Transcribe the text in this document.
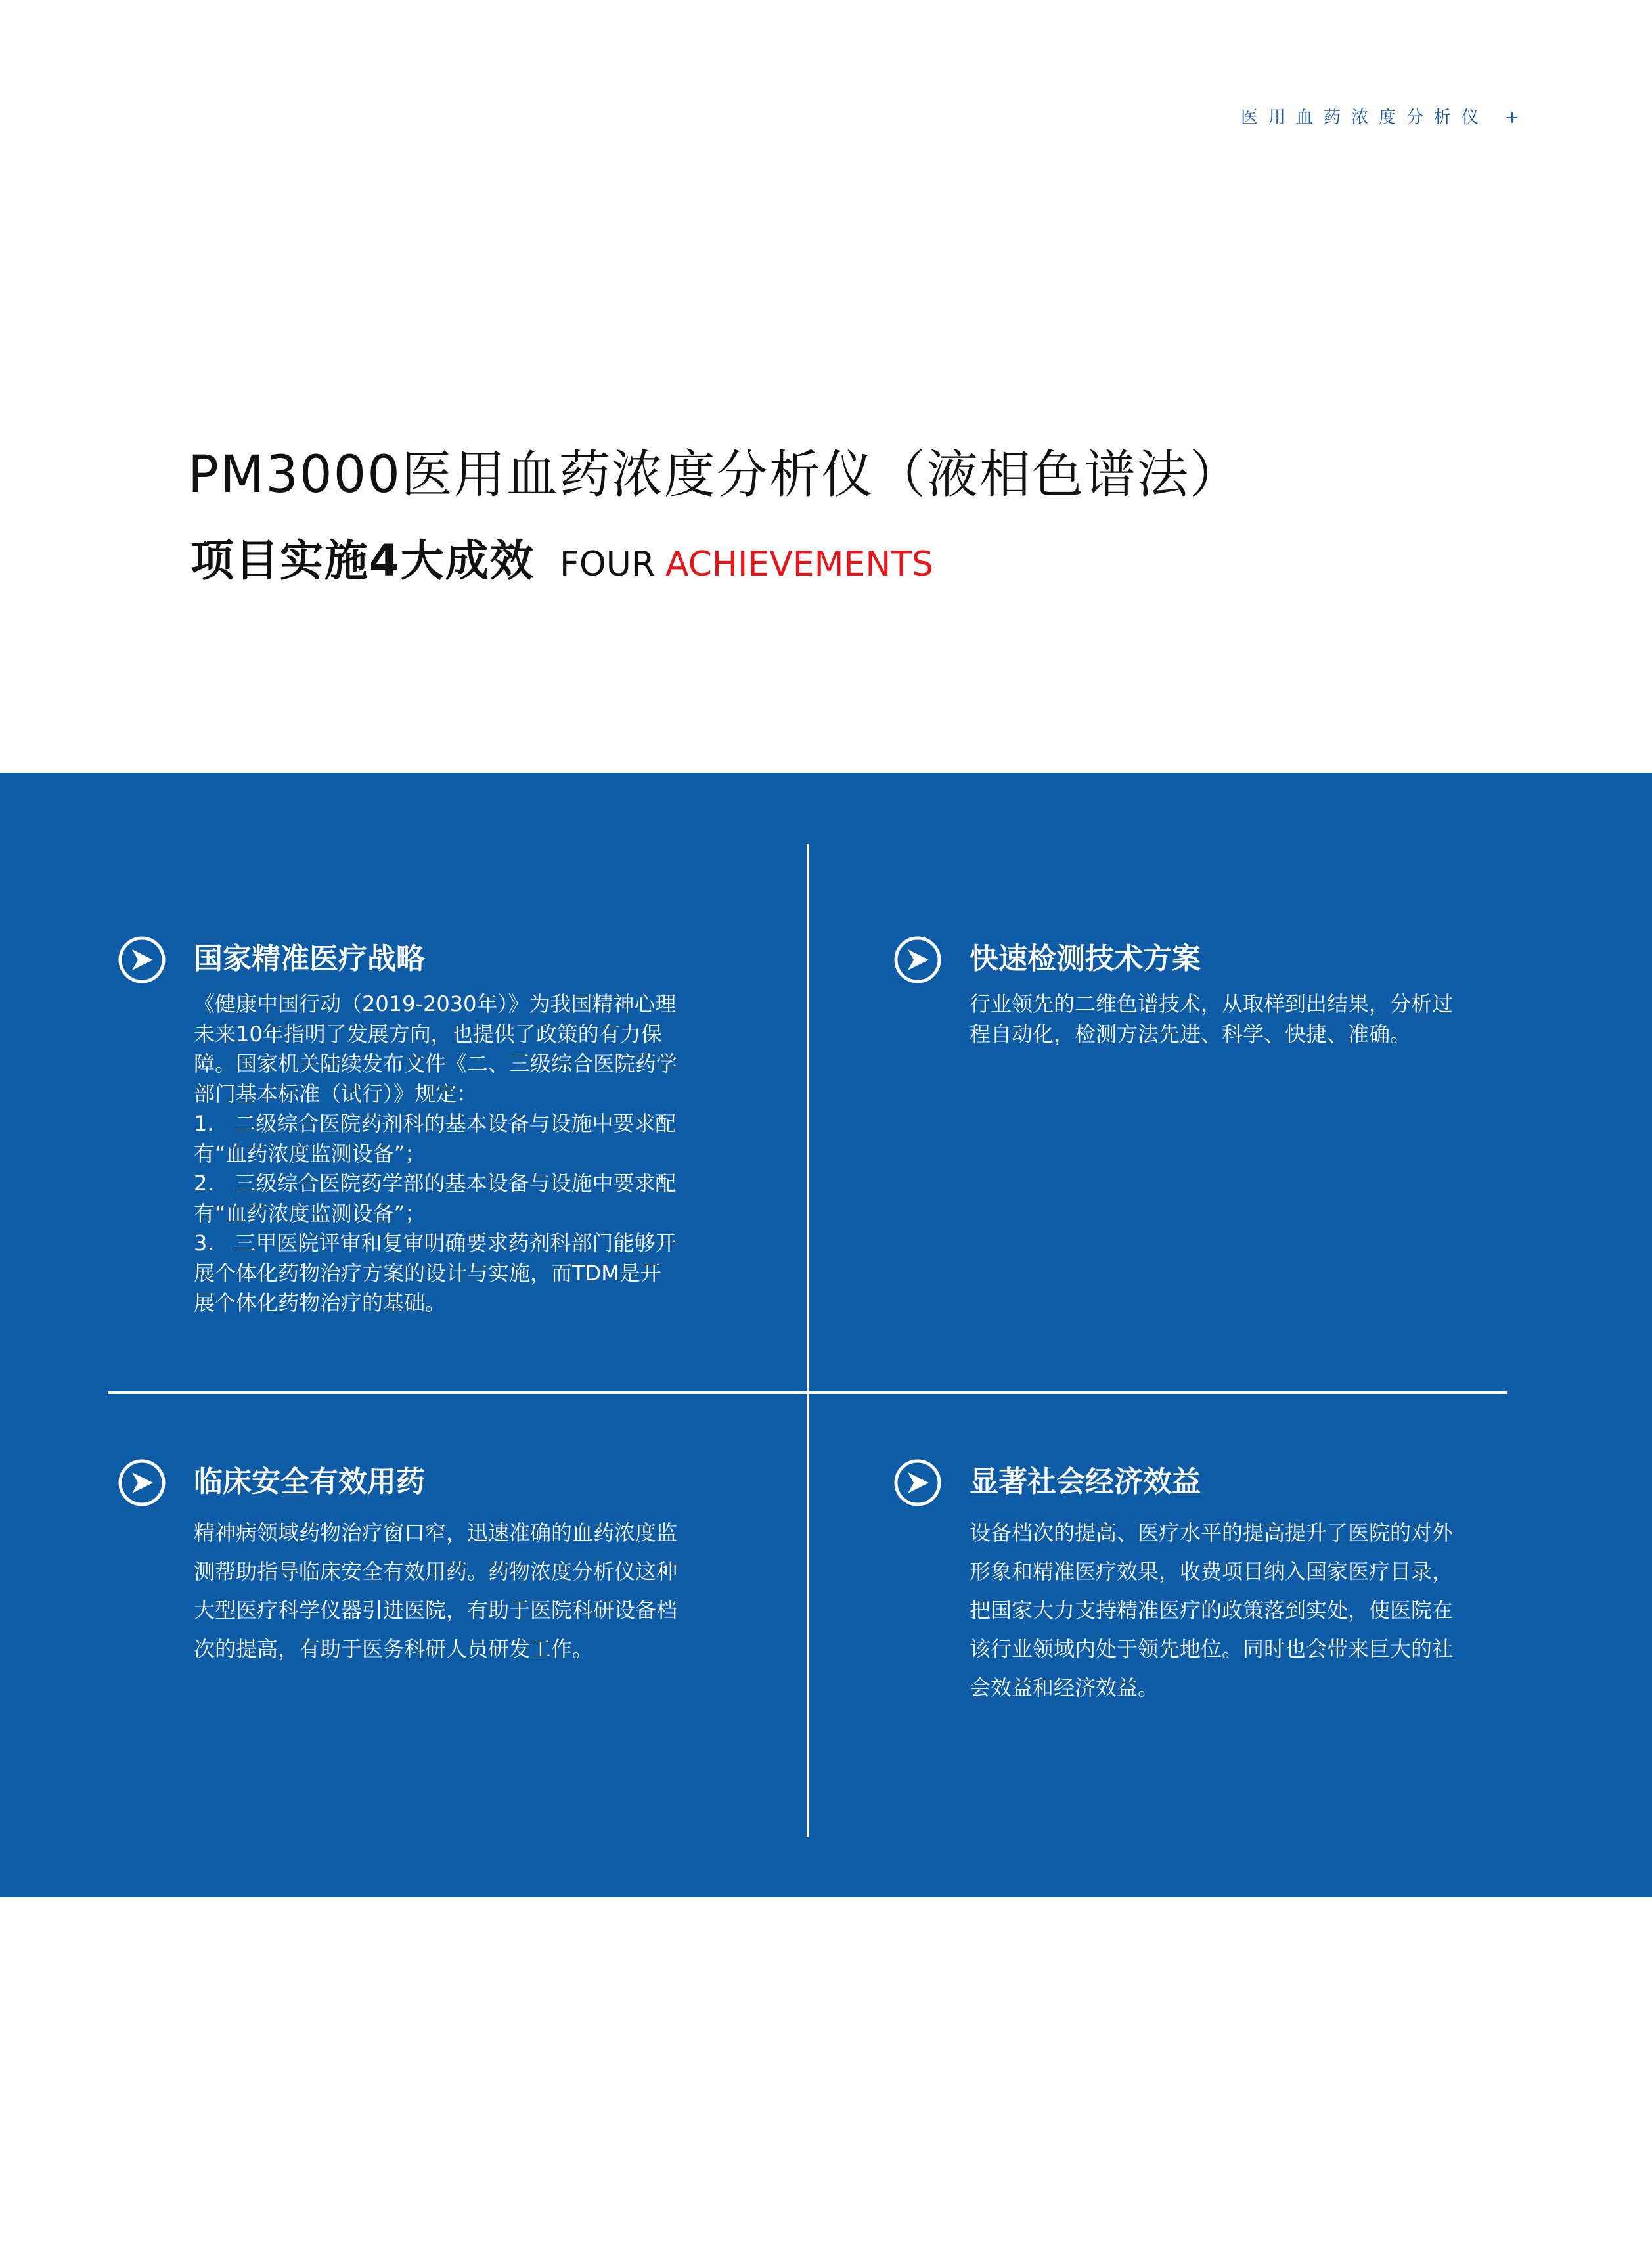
医用血药浓度分析仪 +
PM3000医用血药浓度分析仪（液相色谱法）
项目实施4大成效 FOUR ACHIEVEMENTS
国家精准医疗战略
《健康中国行动（2019-2030年）》为我国精神心理
未来10年指明了发展方向，也提供了政策的有力保
障。国家机关陆续发布文件《二、三级综合医院药学
部门基本标准（试行）》规定：
1.　二级综合医院药剂科的基本设备与设施中要求配
有“血药浓度监测设备”；
2.　三级综合医院药学部的基本设备与设施中要求配
有“血药浓度监测设备”；
3.　三甲医院评审和复审明确要求药剂科部门能够开
展个体化药物治疗方案的设计与实施，而TDM是开
展个体化药物治疗的基础。
快速检测技术方案
行业领先的二维色谱技术，从取样到出结果，分析过
程自动化，检测方法先进、科学、快捷、准确。
临床安全有效用药
精神病领域药物治疗窗口窄，迅速准确的血药浓度监
测帮助指导临床安全有效用药。药物浓度分析仪这种
大型医疗科学仪器引进医院，有助于医院科研设备档
次的提高，有助于医务科研人员研发工作。
显著社会经济效益
设备档次的提高、医疗水平的提高提升了医院的对外
形象和精准医疗效果，收费项目纳入国家医疗目录，
把国家大力支持精准医疗的政策落到实处，使医院在
该行业领域内处于领先地位。同时也会带来巨大的社
会效益和经济效益。
